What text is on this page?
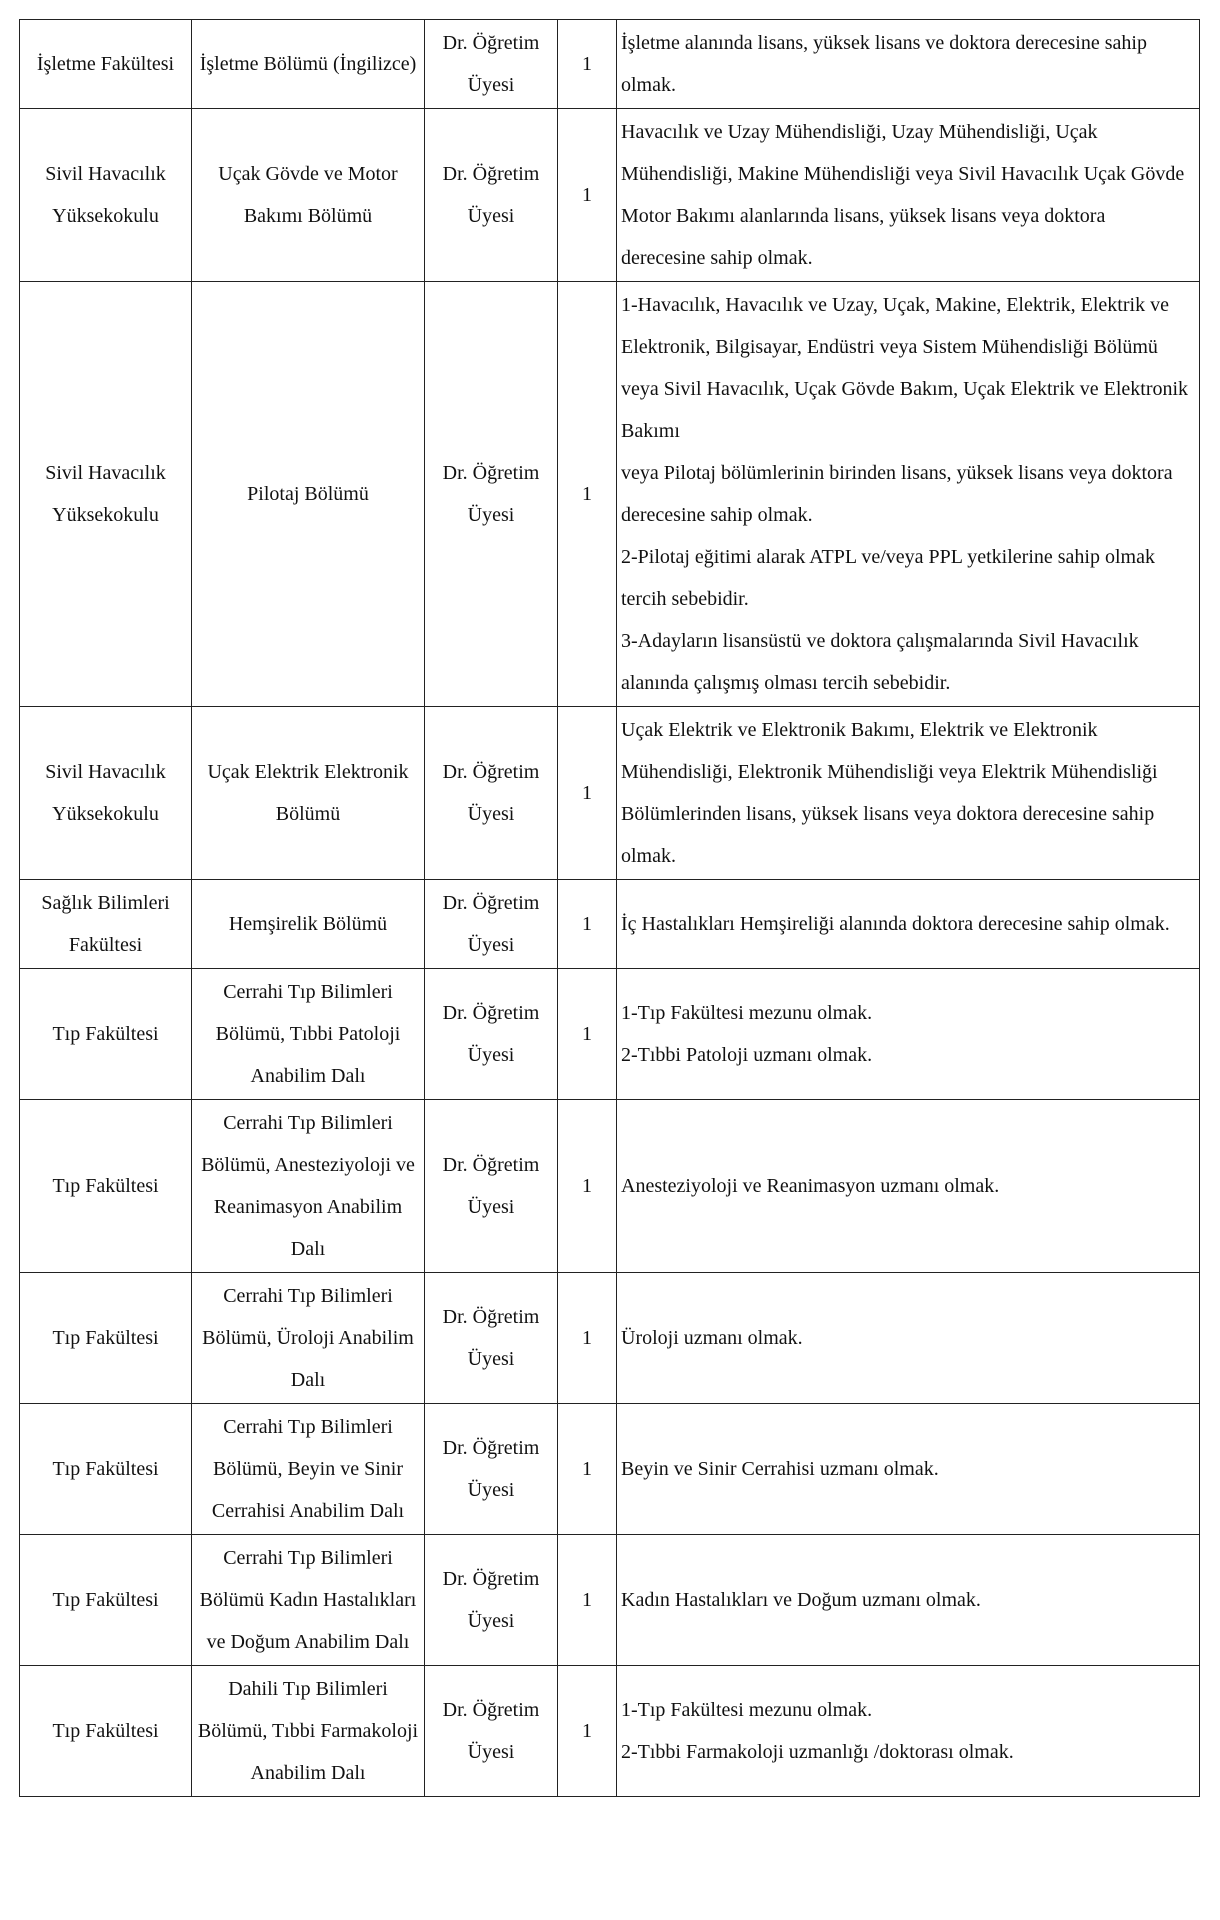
İşletme Fakültesi	İşletme Bölümü (İngilizce)	Dr. Öğretim Üyesi	1	İşletme alanında lisans, yüksek lisans ve doktora derecesine sahip olmak.

Sivil Havacılık Yüksekokulu	Uçak Gövde ve Motor Bakımı Bölümü	Dr. Öğretim Üyesi	1	Havacılık ve Uzay Mühendisliği, Uzay Mühendisliği, Uçak Mühendisliği, Makine Mühendisliği veya Sivil Havacılık Uçak Gövde Motor Bakımı alanlarında lisans, yüksek lisans veya doktora derecesine sahip olmak.

Sivil Havacılık Yüksekokulu	Pilotaj Bölümü	Dr. Öğretim Üyesi	1	1-Havacılık, Havacılık ve Uzay, Uçak, Makine, Elektrik, Elektrik ve Elektronik, Bilgisayar, Endüstri veya Sistem Mühendisliği Bölümü veya Sivil Havacılık, Uçak Gövde Bakım, Uçak Elektrik ve Elektronik Bakımı
veya Pilotaj bölümlerinin birinden lisans, yüksek lisans veya doktora derecesine sahip olmak.
2-Pilotaj eğitimi alarak ATPL ve/veya PPL yetkilerine sahip olmak tercih sebebidir.
3-Adayların lisansüstü ve doktora çalışmalarında Sivil Havacılık alanında çalışmış olması tercih sebebidir.

Sivil Havacılık Yüksekokulu	Uçak Elektrik Elektronik Bölümü	Dr. Öğretim Üyesi	1	Uçak Elektrik ve Elektronik Bakımı, Elektrik ve Elektronik Mühendisliği, Elektronik Mühendisliği veya Elektrik Mühendisliği Bölümlerinden lisans, yüksek lisans veya doktora derecesine sahip olmak.

Sağlık Bilimleri Fakültesi	Hemşirelik Bölümü	Dr. Öğretim Üyesi	1	İç Hastalıkları Hemşireliği alanında doktora derecesine sahip olmak.

Tıp Fakültesi	Cerrahi Tıp Bilimleri Bölümü, Tıbbi Patoloji Anabilim Dalı	Dr. Öğretim Üyesi	1	1-Tıp Fakültesi mezunu olmak.
2-Tıbbi Patoloji uzmanı olmak.

Tıp Fakültesi	Cerrahi Tıp Bilimleri Bölümü, Anesteziyoloji ve Reanimasyon Anabilim Dalı	Dr. Öğretim Üyesi	1	Anesteziyoloji ve Reanimasyon uzmanı olmak.

Tıp Fakültesi	Cerrahi Tıp Bilimleri Bölümü, Üroloji Anabilim Dalı	Dr. Öğretim Üyesi	1	Üroloji uzmanı olmak.

Tıp Fakültesi	Cerrahi Tıp Bilimleri Bölümü, Beyin ve Sinir Cerrahisi Anabilim Dalı	Dr. Öğretim Üyesi	1	Beyin ve Sinir Cerrahisi uzmanı olmak.

Tıp Fakültesi	Cerrahi Tıp Bilimleri Bölümü Kadın Hastalıkları ve Doğum Anabilim Dalı	Dr. Öğretim Üyesi	1	Kadın Hastalıkları ve Doğum uzmanı olmak.

Tıp Fakültesi	Dahili Tıp Bilimleri Bölümü, Tıbbi Farmakoloji Anabilim Dalı	Dr. Öğretim Üyesi	1	1-Tıp Fakültesi mezunu olmak.
2-Tıbbi Farmakoloji uzmanlığı /doktorası olmak.
